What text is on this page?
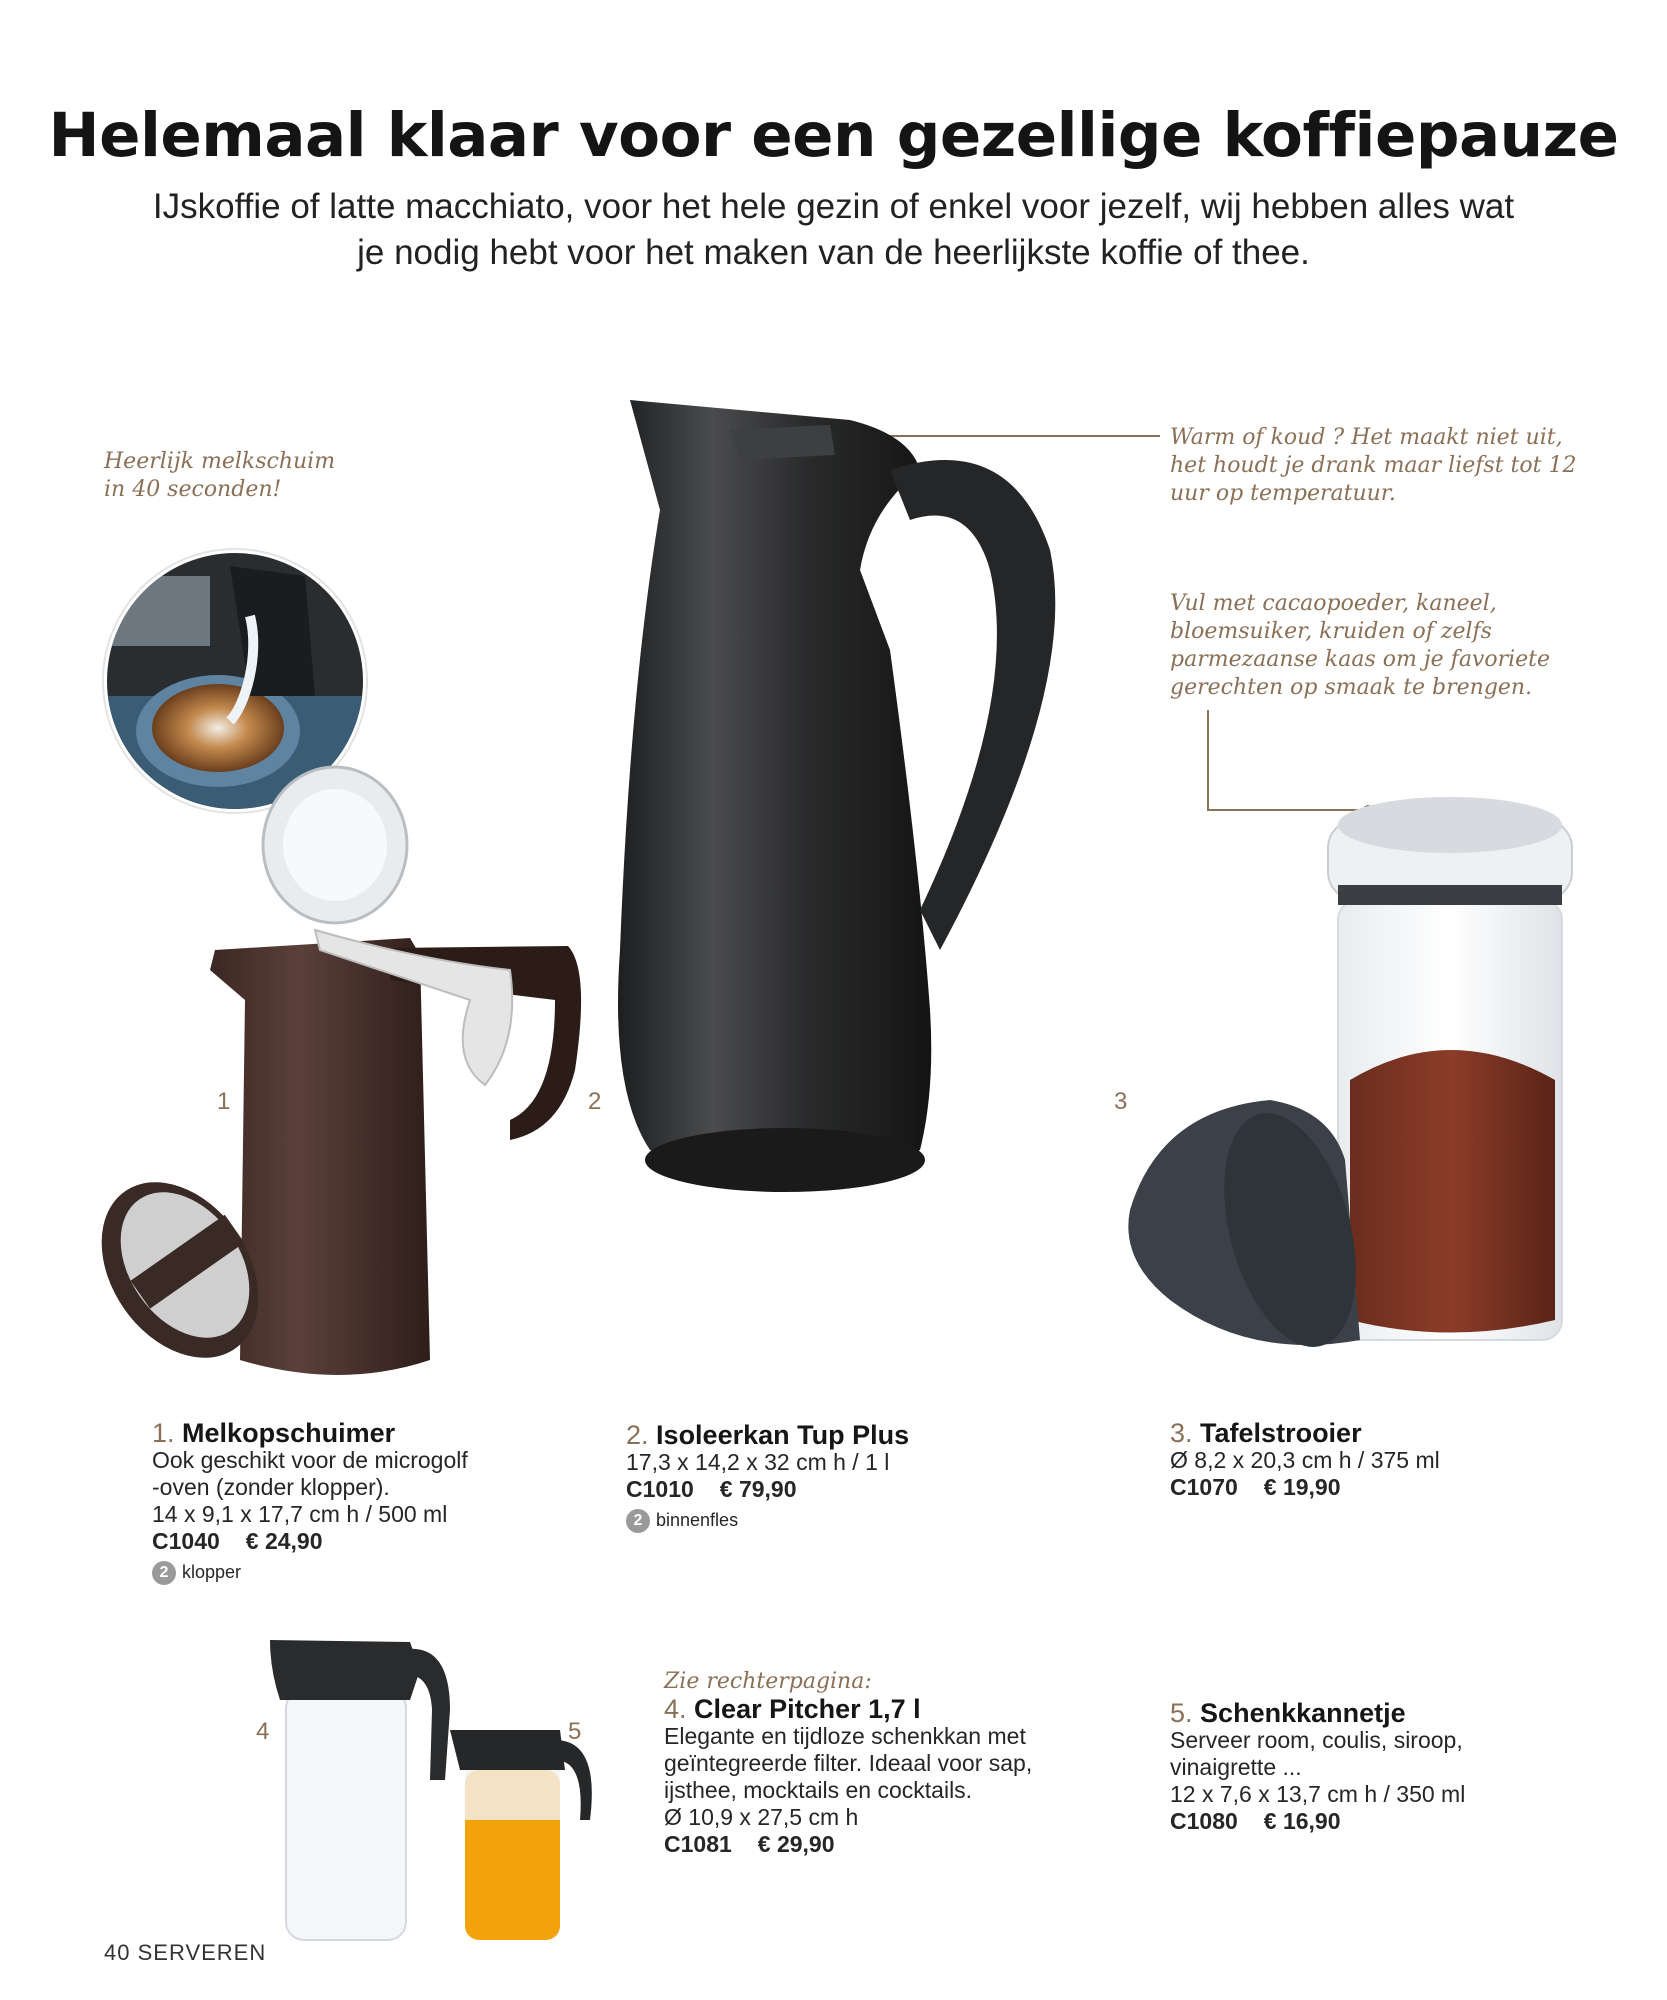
Helemaal klaar voor een gezellige koffiepauze
IJskoffie of latte macchiato, voor het hele gezin of enkel voor jezelf, wij hebben alles wat
je nodig hebt voor het maken van de heerlijkste koffie of thee.
Heerlijk melkschuim
in 40 seconden!
Warm of koud ? Het maakt niet uit,
het houdt je drank maar liefst tot 12
uur op temperatuur.
Vul met cacaopoeder, kaneel,
bloemsuiker, kruiden of zelfs
parmezaanse kaas om je favoriete
gerechten op smaak te brengen.
1	2	3
1. Melkopschuimer
Ook geschikt voor de microgolf
-oven (zonder klopper).
14 x 9,1 x 17,7 cm h / 500 ml
C1040 € 24,90
2 klopper
2. Isoleerkan Tup Plus
17,3 x 14,2 x 32 cm h / 1 l
C1010 € 79,90
2 binnenfles
3. Tafelstrooier
Ø 8,2 x 20,3 cm h / 375 ml
C1070 € 19,90
4	5
Zie rechterpagina:
4. Clear Pitcher 1,7 l
Elegante en tijdloze schenkkan met
geïntegreerde filter. Ideaal voor sap,
ijsthee, mocktails en cocktails.
Ø 10,9 x 27,5 cm h
C1081 € 29,90
5. Schenkkannetje
Serveer room, coulis, siroop,
vinaigrette ...
12 x 7,6 x 13,7 cm h / 350 ml
C1080 € 16,90
40 SERVEREN
